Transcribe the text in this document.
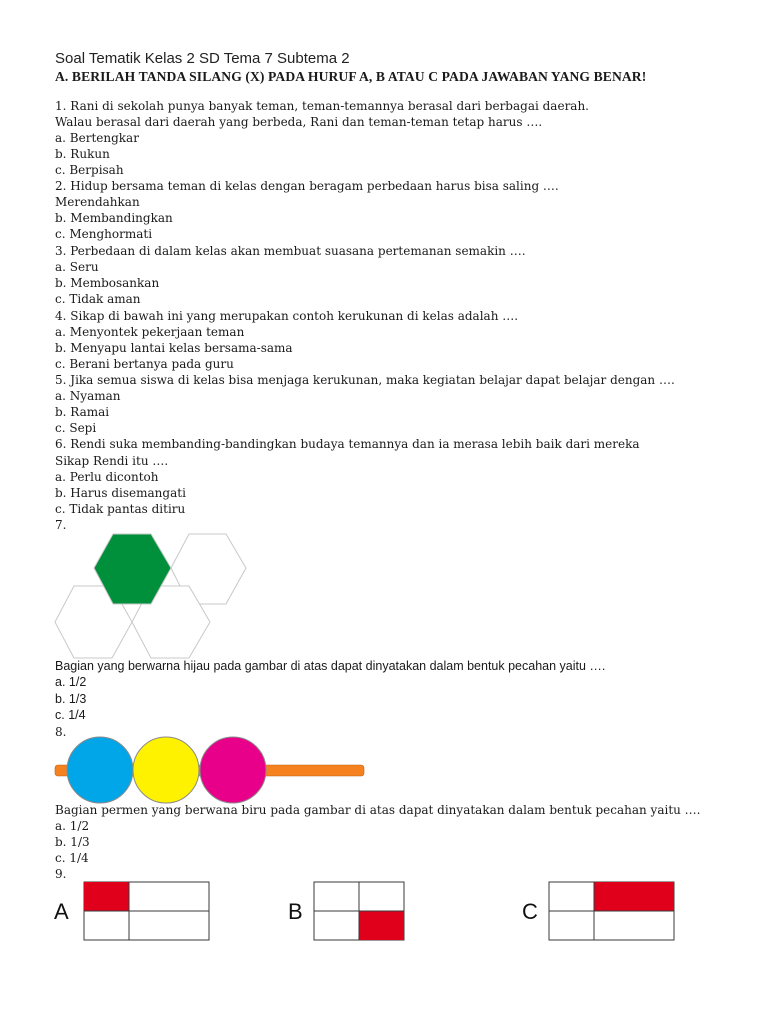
Soal Tematik Kelas 2 SD Tema 7 Subtema 2
A. BERILAH TANDA SILANG (X) PADA HURUF A, B ATAU C PADA JAWABAN YANG BENAR!

1. Rani di sekolah punya banyak teman, teman-temannya berasal dari berbagai daerah.

Walau berasal dari daerah yang berbeda, Rani dan teman-teman tetap harus ….

a. Bertengkar

b. Rukun

c. Berpisah

2. Hidup bersama teman di kelas dengan beragam perbedaan harus bisa saling ….

Merendahkan

b. Membandingkan

c. Menghormati

3. Perbedaan di dalam kelas akan membuat suasana pertemanan semakin ….

a. Seru

b. Membosankan

c. Tidak aman

4. Sikap di bawah ini yang merupakan contoh kerukunan di kelas adalah ….

a. Menyontek pekerjaan teman

b. Menyapu lantai kelas bersama-sama

c. Berani bertanya pada guru

5. Jika semua siswa di kelas bisa menjaga kerukunan, maka kegiatan belajar dapat belajar dengan ….

a. Nyaman

b. Ramai

c. Sepi

6. Rendi suka membanding-bandingkan budaya temannya dan ia merasa lebih baik dari mereka

Sikap Rendi itu ….

a. Perlu dicontoh

b. Harus disemangati

c. Tidak pantas ditiru

7.

Bagian yang berwarna hijau pada gambar di atas dapat dinyatakan dalam bentuk pecahan yaitu ….

a. 1/2

b. 1/3

c. 1/4

8.

Bagian permen yang berwana biru pada gambar di atas dapat dinyatakan dalam bentuk pecahan yaitu ….

a. 1/2

b. 1/3

c. 1/4

9.

A	B	C
